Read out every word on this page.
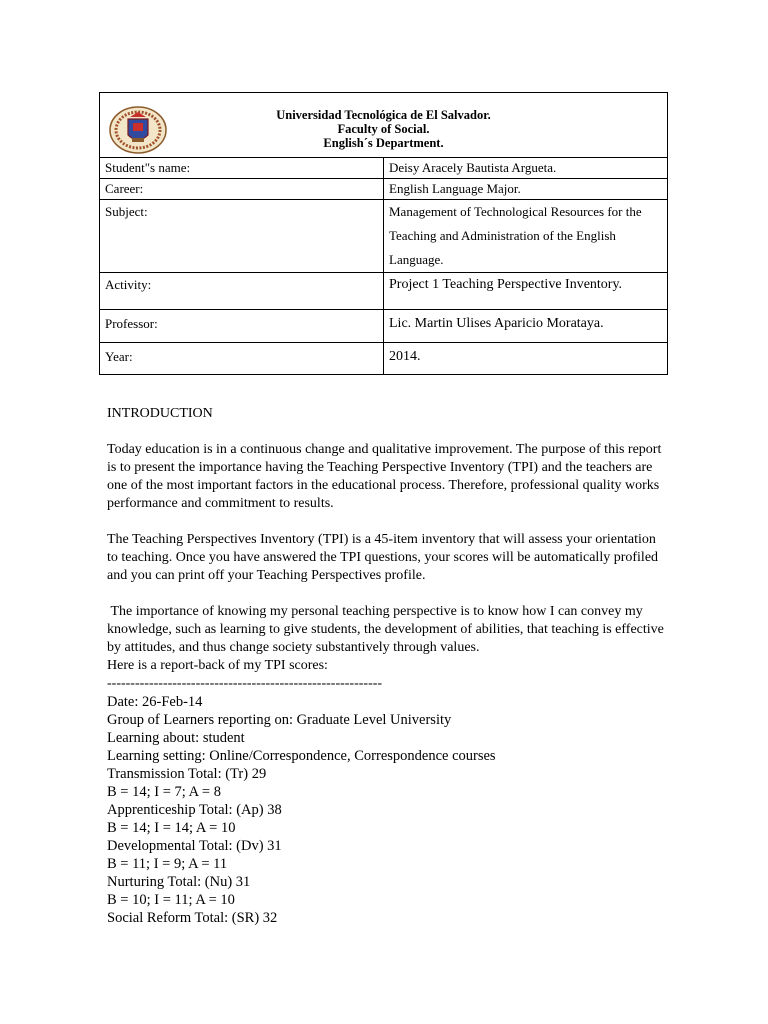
Universidad Tecnológica de El Salvador.
Faculty of Social.
English´s Department.	

Student"s name:	Deisy Aracely Bautista Argueta.
Career:	English Language Major.
Subject:	Management of Technological Resources for the Teaching and Administration of the English Language.
Activity:	Project 1 Teaching Perspective Inventory.
Professor:	Lic. Martin Ulises Aparicio Morataya.
Year:	2014.

INTRODUCTION

Today education is in a continuous change and qualitative improvement. The purpose of this report is to present the importance having the Teaching Perspective Inventory (TPI) and the teachers are one of the most important factors in the educational process. Therefore, professional quality works performance and commitment to results.

The Teaching Perspectives Inventory (TPI) is a 45-item inventory that will assess your orientation to teaching. Once you have answered the TPI questions, your scores will be automatically profiled and you can print off your Teaching Perspectives profile.

The importance of knowing my personal teaching perspective is to know how I can convey my knowledge, such as learning to give students, the development of abilities, that teaching is effective by attitudes, and thus change society substantively through values.

Here is a report-back of my TPI scores:

-----------------------------------------------------------

Date: 26-Feb-14

Group of Learners reporting on: Graduate Level University

Learning about: student

Learning setting: Online/Correspondence, Correspondence courses

Transmission Total: (Tr) 29

B = 14; I = 7; A = 8

Apprenticeship Total: (Ap) 38

B = 14; I = 14; A = 10

Developmental Total: (Dv) 31

B = 11; I = 9; A = 11

Nurturing Total: (Nu) 31

B = 10; I = 11; A = 10

Social Reform Total: (SR) 32
